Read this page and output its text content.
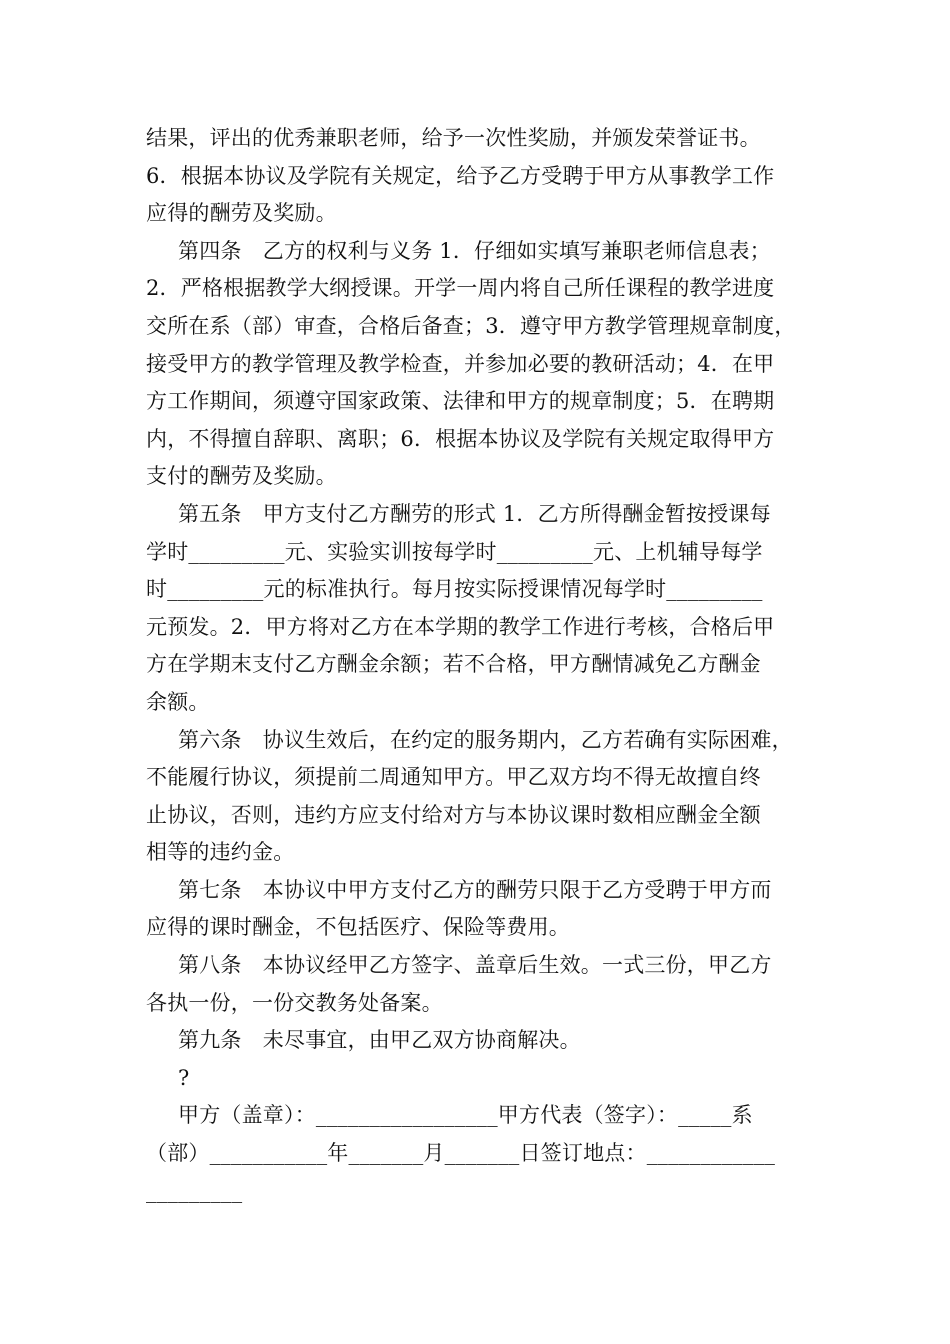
结果，评出的优秀兼职老师，给予一次性奖励，并颁发荣誉证书。
6．根据本协议及学院有关规定，给予乙方受聘于甲方从事教学工作
应得的酬劳及奖励。
第四条　乙方的权利与义务 1．仔细如实填写兼职老师信息表；
2．严格根据教学大纲授课。开学一周内将自己所任课程的教学进度
交所在系（部）审查，合格后备查；3．遵守甲方教学管理规章制度，
接受甲方的教学管理及教学检查，并参加必要的教研活动；4．在甲
方工作期间，须遵守国家政策、法律和甲方的规章制度；5．在聘期
内，不得擅自辞职、离职；6．根据本协议及学院有关规定取得甲方
支付的酬劳及奖励。
第五条　甲方支付乙方酬劳的形式 1．乙方所得酬金暂按授课每
学时_________元、实验实训按每学时_________元、上机辅导每学
时_________元的标准执行。每月按实际授课情况每学时_________
元预发。2．甲方将对乙方在本学期的教学工作进行考核，合格后甲
方在学期末支付乙方酬金余额；若不合格，甲方酬情减免乙方酬金
余额。
第六条　协议生效后，在约定的服务期内，乙方若确有实际困难，
不能履行协议，须提前二周通知甲方。甲乙双方均不得无故擅自终
止协议，否则，违约方应支付给对方与本协议课时数相应酬金全额
相等的违约金。
第七条　本协议中甲方支付乙方的酬劳只限于乙方受聘于甲方而
应得的课时酬金，不包括医疗、保险等费用。
第八条　本协议经甲乙方签字、盖章后生效。一式三份，甲乙方
各执一份，一份交教务处备案。
第九条　未尽事宜，由甲乙双方协商解决。
?
甲方（盖章）：_________________甲方代表（签字）：_____系
（部）___________年_______月_______日签订地点：____________
_________
